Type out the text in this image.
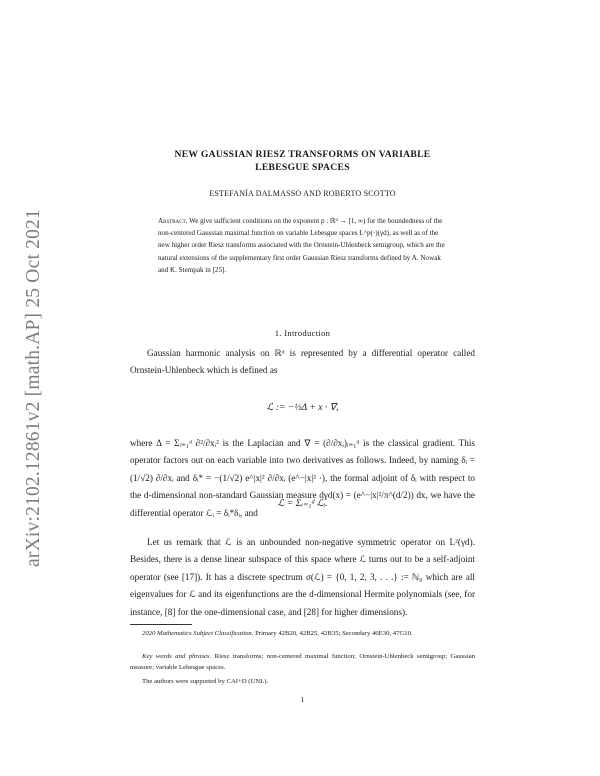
arXiv:2102.12861v2 [math.AP] 25 Oct 2021
NEW GAUSSIAN RIESZ TRANSFORMS ON VARIABLE
LEBESGUE SPACES
ESTEFANÍA DALMASSO AND ROBERTO SCOTTO
Abstract. We give sufficient conditions on the exponent p : ℝᵈ → [1, ∞) for the boundedness of the non-centered Gaussian maximal function on variable Lebesgue spaces L^p(·)(γd), as well as of the new higher order Riesz transforms associated with the Ornstein-Uhlenbeck semigroup, which are the natural extensions of the supplementary first order Gaussian Riesz transforms defined by A. Nowak and K. Stempak in [25].
1. Introduction
Gaussian harmonic analysis on ℝᵈ is represented by a differential operator called Ornstein-Uhlenbeck which is defined as
ℒ := −½Δ + x · ∇,
where Δ = Σᵢ₌₁ᵈ ∂²/∂xᵢ² is the Laplacian and ∇ = (∂/∂xᵢ)ᵢ₌₁ᵈ is the classical gradient. This operator factors out on each variable into two derivatives as follows. Indeed, by naming δᵢ = (1/√2) ∂/∂xᵢ and δᵢ* = −(1/√2) e^|x|² ∂/∂xᵢ (e^−|x|² ·), the formal adjoint of δᵢ with respect to the d-dimensional non-standard Gaussian measure dγd(x) = (e^−|x|²/π^(d/2)) dx, we have the differential operator ℒᵢ = δᵢ*δᵢ, and
ℒ = Σᵢ₌₁ᵈ ℒᵢ.
Let us remark that ℒ is an unbounded non-negative symmetric operator on L²(γd). Besides, there is a dense linear subspace of this space where ℒ turns out to be a self-adjoint operator (see [17]). It has a discrete spectrum σ(ℒ) = {0, 1, 2, 3, . . .} := ℕ₀ which are all eigenvalues for ℒ and its eigenfunctions are the d-dimensional Hermite polynomials (see, for instance, [8] for the one-dimensional case, and [28] for higher dimensions).
2020 Mathematics Subject Classification. Primary 42B20, 42B25, 42B35; Secondary 46E30, 47G10.
Key words and phrases. Riesz transforms; non-centered maximal function; Ornstein-Uhlenbeck semigroup; Gaussian measure; variable Lebesgue spaces.
The authors were supported by CAI+D (UNL).
1
